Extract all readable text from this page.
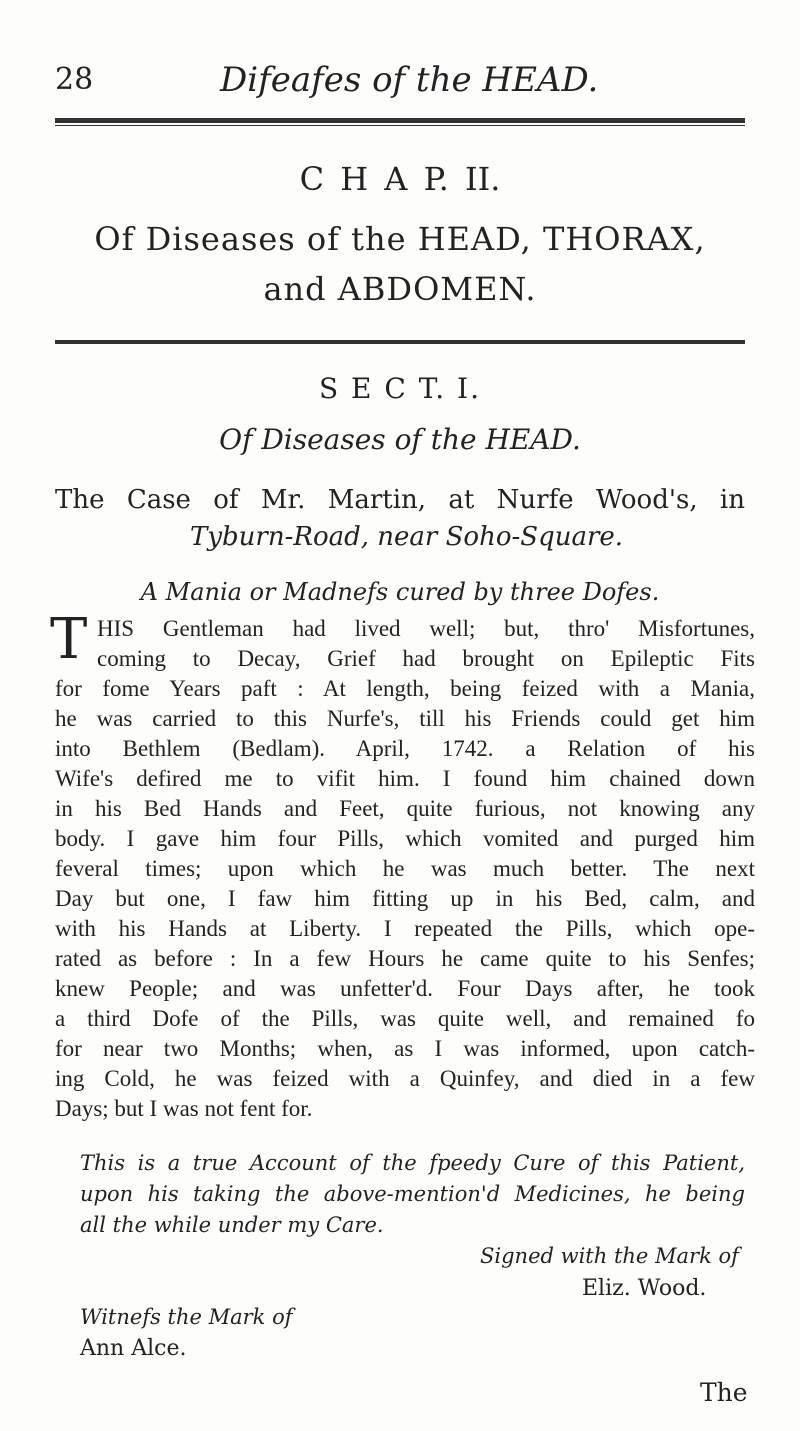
28	Difeafes of the HEAD.
C H A P. II.
Of Diseases of the HEAD, THORAX,
and ABDOMEN.
S E C T. I.
Of Diseases of the HEAD.
The Case of Mr. Martin, at Nurfe Wood's, in
Tyburn-Road, near Soho-Square.
A Mania or Madnefs cured by three Dofes.
T HIS Gentleman had lived well; but, thro' Misfortunes,
coming to Decay, Grief had brought on Epileptic Fits
for fome Years paft : At length, being feized with a Mania,
he was carried to this Nurfe's, till his Friends could get him
into Bethlem (Bedlam). April, 1742. a Relation of his
Wife's defired me to vifit him. I found him chained down
in his Bed Hands and Feet, quite furious, not knowing any
body. I gave him four Pills, which vomited and purged him
feveral times; upon which he was much better. The next
Day but one, I faw him fitting up in his Bed, calm, and
with his Hands at Liberty. I repeated the Pills, which ope-
rated as before : In a few Hours he came quite to his Senfes;
knew People; and was unfetter'd. Four Days after, he took
a third Dofe of the Pills, was quite well, and remained fo
for near two Months; when, as I was informed, upon catch-
ing Cold, he was feized with a Quinfey, and died in a few
Days; but I was not fent for.
This is a true Account of the fpeedy Cure of this Patient,
upon his taking the above-mention'd Medicines, he being
all the while under my Care.
Signed with the Mark of
Eliz. Wood.
Witnefs the Mark of
Ann Alce.
The
